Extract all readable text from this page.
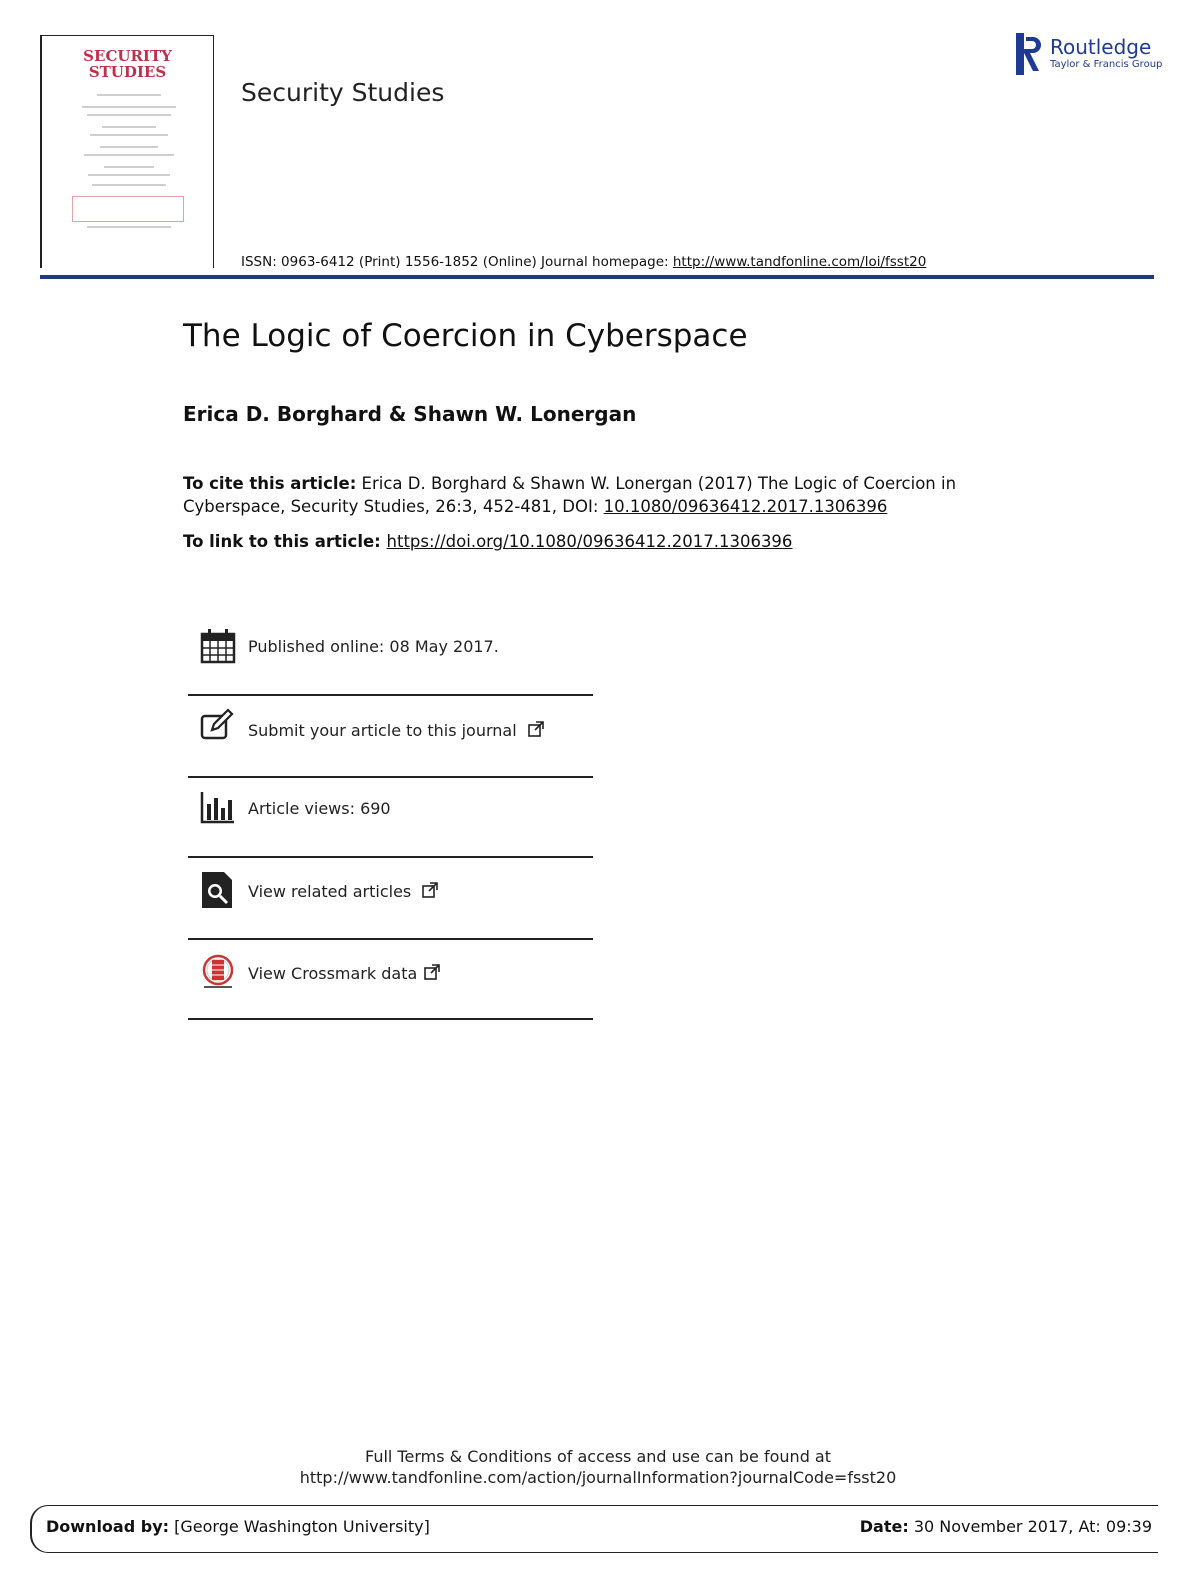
SECURITY
STUDIES
Security Studies
ISSN: 0963-6412 (Print) 1556-1852 (Online) Journal homepage: http://www.tandfonline.com/loi/fsst20
Routledge
Taylor & Francis Group
The Logic of Coercion in Cyberspace
Erica D. Borghard & Shawn W. Lonergan
To cite this article: Erica D. Borghard & Shawn W. Lonergan (2017) The Logic of Coercion in Cyberspace, Security Studies, 26:3, 452-481, DOI: 10.1080/09636412.2017.1306396
To link to this article: https://doi.org/10.1080/09636412.2017.1306396
Published online: 08 May 2017.
Submit your article to this journal
Article views: 690
View related articles
View Crossmark data
Full Terms & Conditions of access and use can be found at
http://www.tandfonline.com/action/journalInformation?journalCode=fsst20
Download by: [George Washington University]	Date: 30 November 2017, At: 09:39
